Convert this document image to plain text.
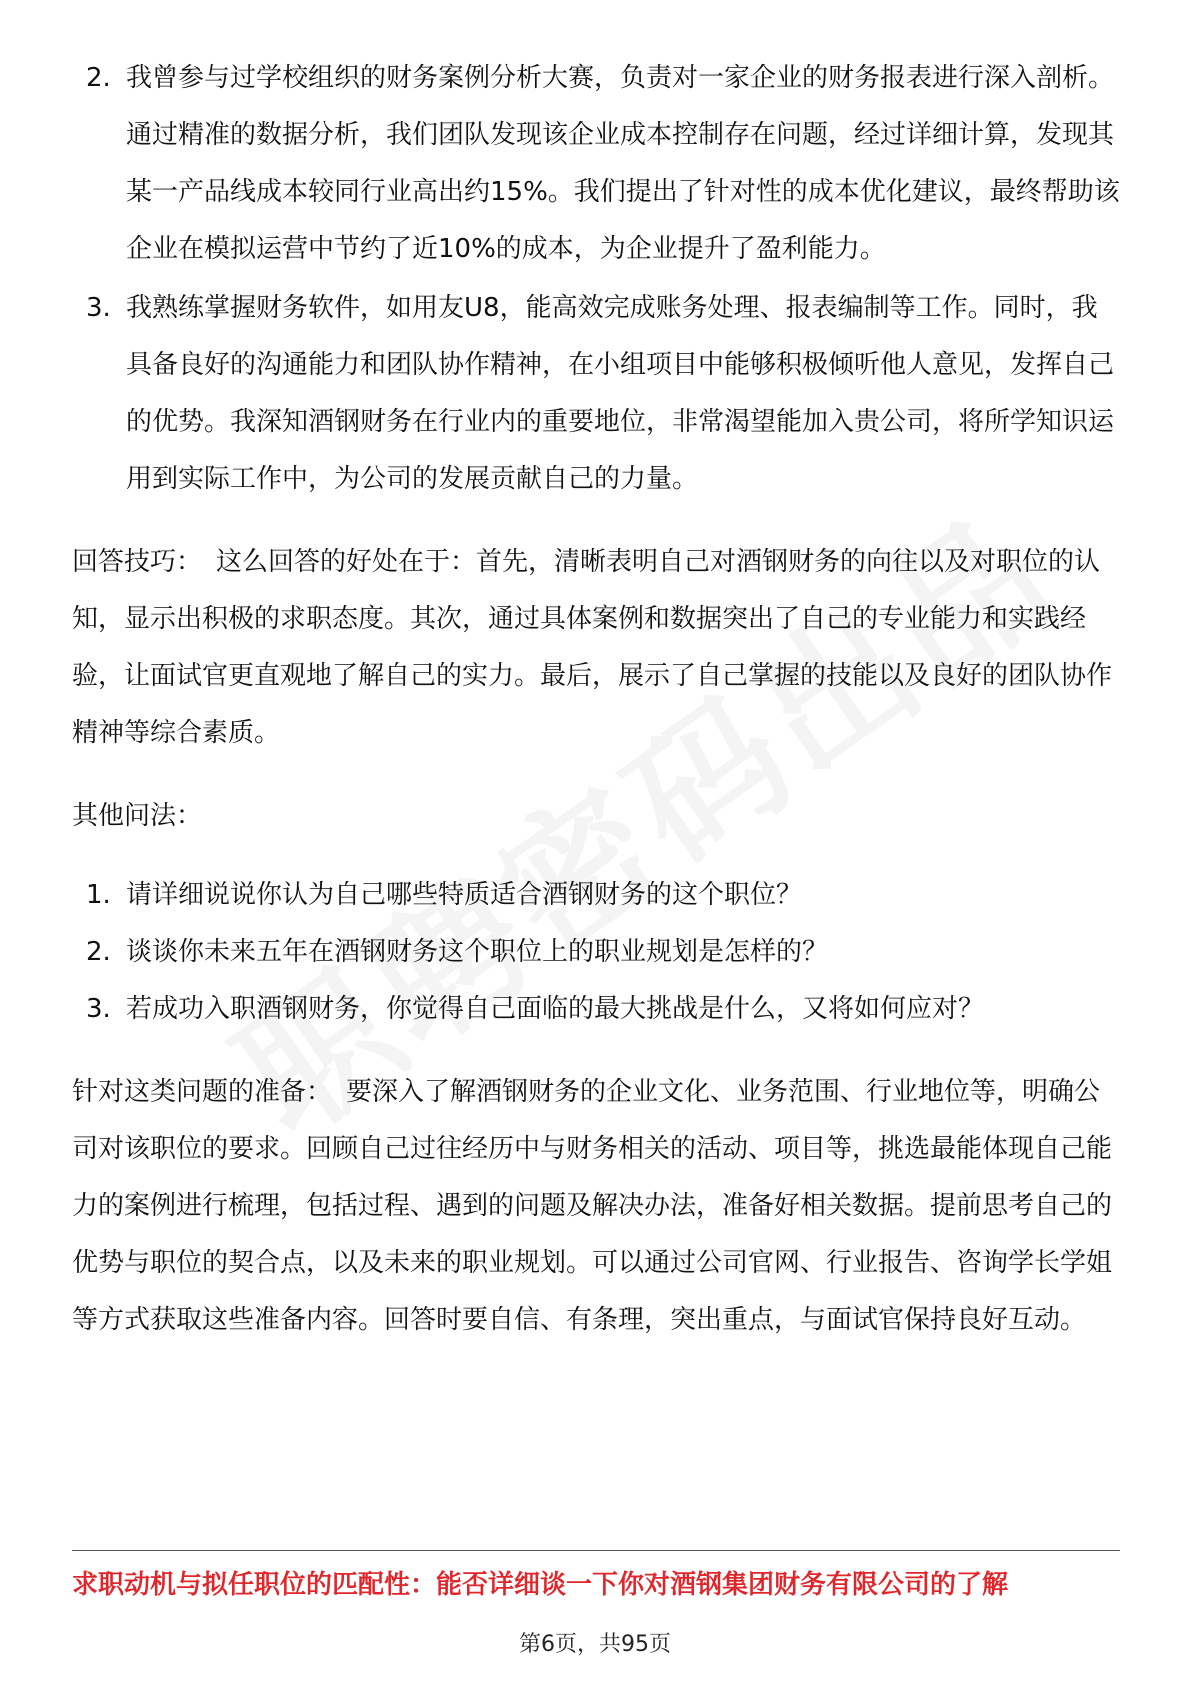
2. 我曾参与过学校组织的财务案例分析大赛，负责对一家企业的财务报表进行深入剖析。通过精准的数据分析，我们团队发现该企业成本控制存在问题，经过详细计算，发现其某一产品线成本较同行业高出约15%。我们提出了针对性的成本优化建议，最终帮助该企业在模拟运营中节约了近10%的成本，为企业提升了盈利能力。
3. 我熟练掌握财务软件，如用友U8，能高效完成账务处理、报表编制等工作。同时，我具备良好的沟通能力和团队协作精神，在小组项目中能够积极倾听他人意见，发挥自己的优势。我深知酒钢财务在行业内的重要地位，非常渴望能加入贵公司，将所学知识运用到实际工作中，为公司的发展贡献自己的力量。

回答技巧： 这么回答的好处在于：首先，清晰表明自己对酒钢财务的向往以及对职位的认知，显示出积极的求职态度。其次，通过具体案例和数据突出了自己的专业能力和实践经验，让面试官更直观地了解自己的实力。最后，展示了自己掌握的技能以及良好的团队协作精神等综合素质。

其他问法：

1. 请详细说说你认为自己哪些特质适合酒钢财务的这个职位？
2. 谈谈你未来五年在酒钢财务这个职位上的职业规划是怎样的？
3. 若成功入职酒钢财务，你觉得自己面临的最大挑战是什么，又将如何应对？

针对这类问题的准备： 要深入了解酒钢财务的企业文化、业务范围、行业地位等，明确公司对该职位的要求。回顾自己过往经历中与财务相关的活动、项目等，挑选最能体现自己能力的案例进行梳理，包括过程、遇到的问题及解决办法，准备好相关数据。提前思考自己的优势与职位的契合点，以及未来的职业规划。可以通过公司官网、行业报告、咨询学长学姐等方式获取这些准备内容。回答时要自信、有条理，突出重点，与面试官保持良好互动。

求职动机与拟任职位的匹配性：能否详细谈一下你对酒钢集团财务有限公司的了解
第6页，共95页
